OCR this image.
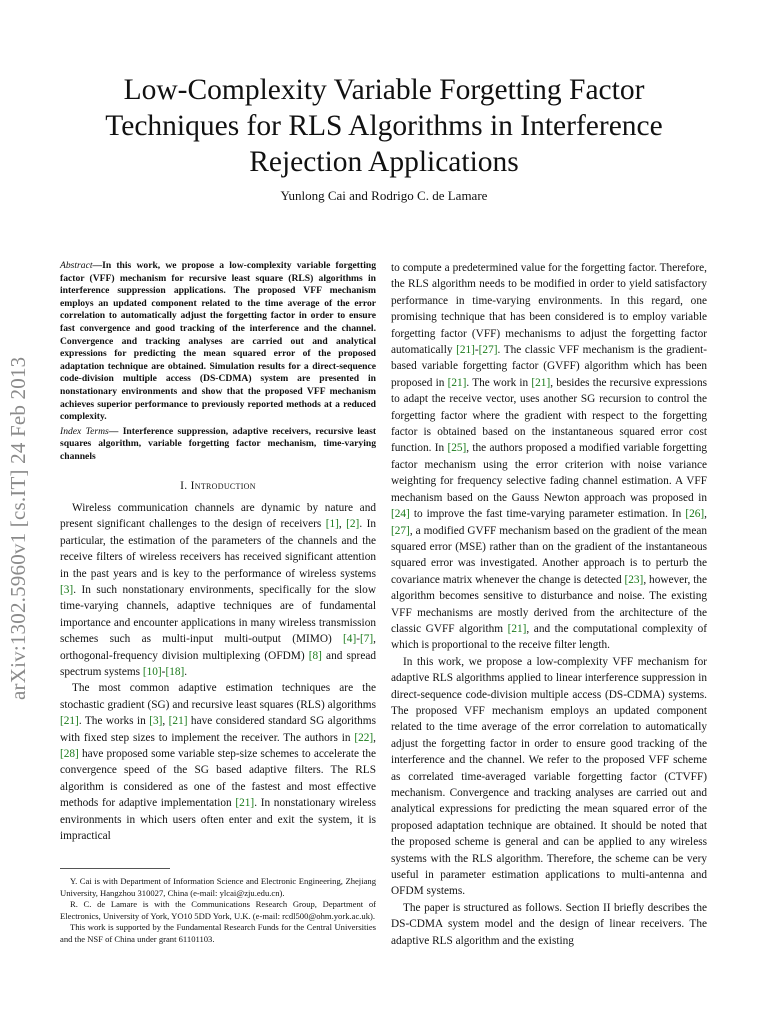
arXiv:1302.5960v1 [cs.IT] 24 Feb 2013
Low-Complexity Variable Forgetting Factor Techniques for RLS Algorithms in Interference Rejection Applications
Yunlong Cai and Rodrigo C. de Lamare

Abstract—In this work, we propose a low-complexity variable forgetting factor (VFF) mechanism for recursive least square (RLS) algorithms in interference suppression applications. The proposed VFF mechanism employs an updated component related to the time average of the error correlation to automatically adjust the forgetting factor in order to ensure fast convergence and good tracking of the interference and the channel. Convergence and tracking analyses are carried out and analytical expressions for predicting the mean squared error of the proposed adaptation technique are obtained. Simulation results for a direct-sequence code-division multiple access (DS-CDMA) system are presented in nonstationary environments and show that the proposed VFF mechanism achieves superior performance to previously reported methods at a reduced complexity.

Index Terms— Interference suppression, adaptive receivers, recursive least squares algorithm, variable forgetting factor mechanism, time-varying channels

I. Introduction

Wireless communication channels are dynamic by nature and present significant challenges to the design of receivers [1], [2]. In particular, the estimation of the parameters of the channels and the receive filters of wireless receivers has received significant attention in the past years and is key to the performance of wireless systems [3]. In such nonstationary environments, specifically for the slow time-varying channels, adaptive techniques are of fundamental importance and encounter applications in many wireless transmission schemes such as multi-input multi-output (MIMO) [4]-[7], orthogonal-frequency division multiplexing (OFDM) [8] and spread spectrum systems [10]-[18].

The most common adaptive estimation techniques are the stochastic gradient (SG) and recursive least squares (RLS) algorithms [21]. The works in [3], [21] have considered standard SG algorithms with fixed step sizes to implement the receiver. The authors in [22], [28] have proposed some variable step-size schemes to accelerate the convergence speed of the SG based adaptive filters. The RLS algorithm is considered as one of the fastest and most effective methods for adaptive implementation [21]. In nonstationary wireless environments in which users often enter and exit the system, it is impractical

Y. Cai is with Department of Information Science and Electronic Engineering, Zhejiang University, Hangzhou 310027, China (e-mail: ylcai@zju.edu.cn).

R. C. de Lamare is with the Communications Research Group, Department of Electronics, University of York, YO10 5DD York, U.K. (e-mail: rcdl500@ohm.york.ac.uk).

This work is supported by the Fundamental Research Funds for the Central Universities and the NSF of China under grant 61101103.

to compute a predetermined value for the forgetting factor. Therefore, the RLS algorithm needs to be modified in order to yield satisfactory performance in time-varying environments. In this regard, one promising technique that has been considered is to employ variable forgetting factor (VFF) mechanisms to adjust the forgetting factor automatically [21]-[27]. The classic VFF mechanism is the gradient-based variable forgetting factor (GVFF) algorithm which has been proposed in [21]. The work in [21], besides the recursive expressions to adapt the receive vector, uses another SG recursion to control the forgetting factor where the gradient with respect to the forgetting factor is obtained based on the instantaneous squared error cost function. In [25], the authors proposed a modified variable forgetting factor mechanism using the error criterion with noise variance weighting for frequency selective fading channel estimation. A VFF mechanism based on the Gauss Newton approach was proposed in [24] to improve the fast time-varying parameter estimation. In [26], [27], a modified GVFF mechanism based on the gradient of the mean squared error (MSE) rather than on the gradient of the instantaneous squared error was investigated. Another approach is to perturb the covariance matrix whenever the change is detected [23], however, the algorithm becomes sensitive to disturbance and noise. The existing VFF mechanisms are mostly derived from the architecture of the classic GVFF algorithm [21], and the computational complexity of which is proportional to the receive filter length.

In this work, we propose a low-complexity VFF mechanism for adaptive RLS algorithms applied to linear interference suppression in direct-sequence code-division multiple access (DS-CDMA) systems. The proposed VFF mechanism employs an updated component related to the time average of the error correlation to automatically adjust the forgetting factor in order to ensure good tracking of the interference and the channel. We refer to the proposed VFF scheme as correlated time-averaged variable forgetting factor (CTVFF) mechanism. Convergence and tracking analyses are carried out and analytical expressions for predicting the mean squared error of the proposed adaptation technique are obtained. It should be noted that the proposed scheme is general and can be applied to any wireless systems with the RLS algorithm. Therefore, the scheme can be very useful in parameter estimation applications to multi-antenna and OFDM systems.

The paper is structured as follows. Section II briefly describes the DS-CDMA system model and the design of linear receivers. The adaptive RLS algorithm and the existing
